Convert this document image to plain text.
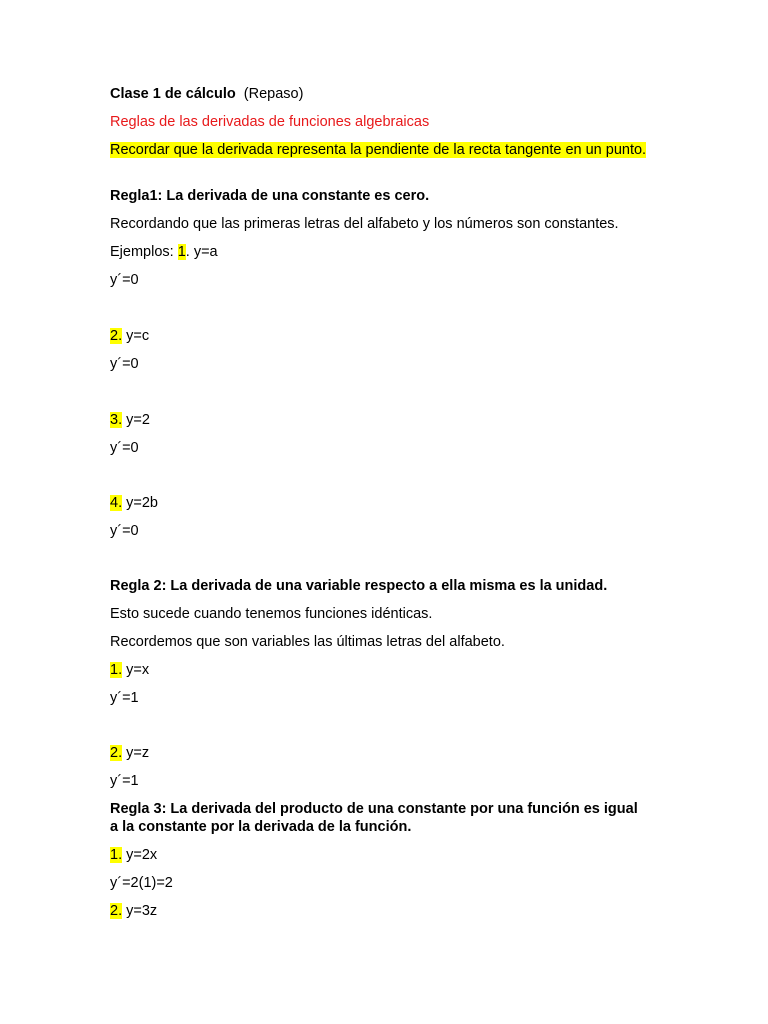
Clase 1 de cálculo (Repaso)
Reglas de las derivadas de funciones algebraicas
Recordar que la derivada representa la pendiente de la recta tangente en un punto.
Regla1: La derivada de una constante es cero.
Recordando que las primeras letras del alfabeto y los números son constantes.
Ejemplos: 1. y=a
y´=0
2. y=c
y´=0
3. y=2
y´=0
4. y=2b
y´=0
Regla 2: La derivada de una variable respecto a ella misma es la unidad.
Esto sucede cuando tenemos funciones idénticas.
Recordemos que son variables las últimas letras del alfabeto.
1. y=x
y´=1
2. y=z
y´=1
Regla 3: La derivada del producto de una constante por una función es igual a la constante por la derivada de la función.
1. y=2x
y´=2(1)=2
2. y=3z
